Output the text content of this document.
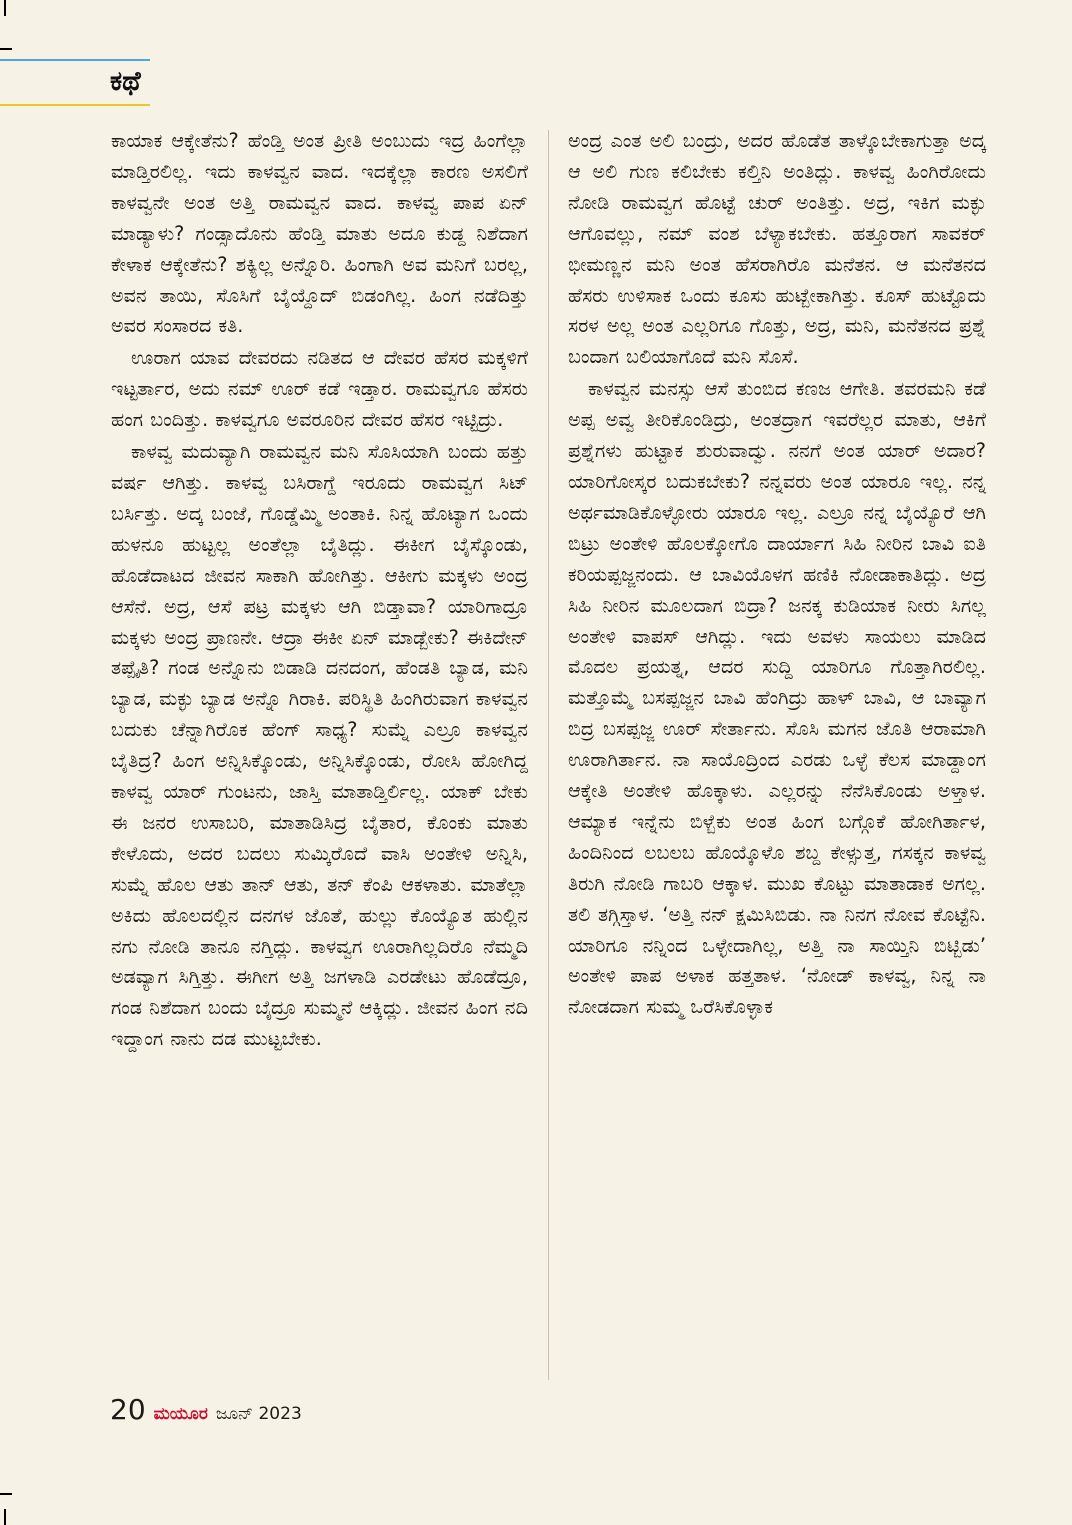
ಕಥೆ

ಕಾಯಾಕ ಆಕ್ಕೇತೆನು? ಹೆಂಡ್ತಿ ಅಂತ ಪ್ರೀತಿ ಅಂಬುದು ಇದ್ರ ಹಿಂಗೆಲ್ಲಾ ಮಾಡ್ತಿರಲಿಲ್ಲ. ಇದು ಕಾಳವ್ವನ ವಾದ. ಇದಕ್ಕೆಲ್ಲಾ ಕಾರಣ ಅಸಲಿಗೆ ಕಾಳವ್ವನೇ ಅಂತ ಅತ್ತಿ ರಾಮವ್ವನ ವಾದ. ಕಾಳವ್ವ ಪಾಪ ಏನ್ ಮಾಡ್ಯಾಳು? ಗಂಡ್ಸಾದೊನು ಹೆಂಡ್ತಿ ಮಾತು ಅದೂ ಕುಡ್ದ ನಿಶೆದಾಗ ಕೇಳಾಕ ಆಕ್ಕೇತೆನು? ಶಕ್ಯಿಲ್ಲ ಅನ್ನೊರಿ. ಹಿಂಗಾಗಿ ಅವ ಮನಿಗೆ ಬರಲ್ಲ, ಅವನ ತಾಯಿ, ಸೊಸಿಗೆ ಬೈಯ್ದೊದ್ ಬಿಡಂಗಿಲ್ಲ. ಹಿಂಗ ನಡೆದಿತ್ತು ಅವರ ಸಂಸಾರದ ಕತಿ.

ಊರಾಗ ಯಾವ ದೇವರದು ನಡಿತದ ಆ ದೇವರ ಹೆಸರ ಮಕ್ಕಳಿಗೆ ಇಟ್ಟರ್ತಾರ, ಅದು ನಮ್ ಊರ್ ಕಡೆ ಇಡ್ತಾರ. ರಾಮವ್ವಗೂ ಹೆಸರು ಹಂಗ ಬಂದಿತ್ತು. ಕಾಳವ್ವಗೂ ಅವರೂರಿನ ದೇವರ ಹೆಸರ ಇಟ್ಟಿದ್ರು.

ಕಾಳವ್ವ ಮದುವ್ಯಾಗಿ ರಾಮವ್ವನ ಮನಿ ಸೊಸಿಯಾಗಿ ಬಂದು ಹತ್ತು ವರ್ಷ ಆಗಿತ್ತು. ಕಾಳವ್ವ ಬಸಿರಾಗ್ದೆ ಇರೂದು ರಾಮವ್ವಗ ಸಿಟ್ ಬರ್ಸಿತ್ತು. ಅದ್ಕ ಬಂಜೆ, ಗೊಡ್ಡೆಮ್ಮಿ ಅಂತಾಕಿ. ನಿನ್ನ ಹೊಟ್ಯಾಗ ಒಂದು ಹುಳನೂ ಹುಟ್ಟಲ್ಲ ಅಂತೆಲ್ಲಾ ಬೈತಿದ್ಲು. ಈಕೀಗ ಬೈಸ್ಕೊಂಡು, ಹೊಡೆದಾಟದ ಜೀವನ ಸಾಕಾಗಿ ಹೋಗಿತ್ತು. ಆಕೀಗು ಮಕ್ಕಳು ಅಂದ್ರ ಆಸೆನೆ. ಅದ್ರ, ಆಸೆ ಪಟ್ರ ಮಕ್ಕಳು ಆಗಿ ಬಿಡ್ತಾವಾ? ಯಾರಿಗಾದ್ರೂ ಮಕ್ಕಳು ಅಂದ್ರ ಪ್ರಾಣನೇ. ಆದ್ರಾ ಈಕೀ ಏನ್ ಮಾಡ್ಬೇಕು? ಈಕಿದೇನ್ ತಪ್ಪೈತಿ? ಗಂಡ ಅನ್ನೊನು ಬಿಡಾಡಿ ದನದಂಗ, ಹೆಂಡತಿ ಬ್ಯಾಡ, ಮನಿ ಬ್ಯಾಡ, ಮಕ್ಳು ಬ್ಯಾಡ ಅನ್ನೊ ಗಿರಾಕಿ. ಪರಿಸ್ಥಿತಿ ಹಿಂಗಿರುವಾಗ ಕಾಳವ್ವನ ಬದುಕು ಚೆನ್ನಾಗಿರೊಕ ಹೆಂಗ್ ಸಾಧ್ಯ? ಸುಮ್ನೆ ಎಲ್ರೂ ಕಾಳವ್ವನ ಬೈತಿದ್ರ? ಹಿಂಗ ಅನ್ನಿಸಿಕ್ಕೊಂಡು, ಅನ್ನಿಸಿಕ್ಕೊಂಡು, ರೋಸಿ ಹೋಗಿದ್ದ ಕಾಳವ್ವ ಯಾರ್ ಗುಂಟನು, ಜಾಸ್ತಿ ಮಾತಾಡ್ತಿರ್ಲಿಲ್ಲ. ಯಾಕ್ ಬೇಕು ಈ ಜನರ ಉಸಾಬರಿ, ಮಾತಾಡಿಸಿದ್ರ ಬೈತಾರ, ಕೊಂಕು ಮಾತು ಕೇಳೊದು, ಅದರ ಬದಲು ಸುಮ್ಕಿರೊದೆ ವಾಸಿ ಅಂತೇಳಿ ಅನ್ನಿಸಿ, ಸುಮ್ನೆ ಹೊಲ ಆತು ತಾನ್ ಆತು, ತನ್ ಕೆಂಪಿ ಆಕಳಾತು. ಮಾತೆಲ್ಲಾ ಅಕಿದು ಹೊಲದಲ್ಲಿನ ದನಗಳ ಜೊತೆ, ಹುಲ್ಲು ಕೊಯ್ಯೊತ ಹುಲ್ಲಿನ ನಗು ನೋಡಿ ತಾನೂ ನಗ್ತಿದ್ಲು. ಕಾಳವ್ವಗ ಊರಾಗಿಲ್ಲದಿರೊ ನೆಮ್ಮದಿ ಅಡವ್ಯಾಗ ಸಿಗ್ತಿತ್ತು. ಈಗೀಗ ಅತ್ತಿ ಜಗಳಾಡಿ ಎರಡೇಟು ಹೊಡೆದ್ರೂ, ಗಂಡ ನಿಶೆದಾಗ ಬಂದು ಬೈದ್ರೂ ಸುಮ್ಮನೆ ಆಕ್ಕಿದ್ಲು. ಜೀವನ ಹಿಂಗ ನದಿ ಇದ್ದಾಂಗ ನಾನು ದಡ ಮುಟ್ಟಬೇಕು.

ಅಂದ್ರ ಎಂತ ಅಲಿ ಬಂದ್ರು, ಅದರ ಹೊಡೆತ ತಾಳ್ಕೊಬೇಕಾಗುತ್ತಾ ಅದ್ಕ ಆ ಅಲಿ ಗುಣ ಕಲಿಬೇಕು ಕಲ್ತಿನಿ ಅಂತಿದ್ಲು. ಕಾಳವ್ವ ಹಿಂಗಿರೋದು ನೋಡಿ ರಾಮವ್ವಗ ಹೊಟ್ಟೆ ಚುರ್ ಅಂತಿತ್ತು. ಅದ್ರ, ಇಕಿಗ ಮಕ್ಳು ಆಗೊವಲ್ಲು, ನಮ್ ವಂಶ ಬೆಳ್ಯಾಕಬೇಕು. ಹತ್ತೂರಾಗ ಸಾವಕರ್ ಭೀಮಣ್ಣನ ಮನಿ ಅಂತ ಹೆಸರಾಗಿರೊ ಮನೆತನ. ಆ ಮನೆತನದ ಹೆಸರು ಉಳಿಸಾಕ ಒಂದು ಕೂಸು ಹುಟ್ಬೇಕಾಗಿತ್ತು. ಕೂಸ್ ಹುಟ್ಟೊದು ಸರಳ ಅಲ್ಲ ಅಂತ ಎಲ್ಲರಿಗೂ ಗೊತ್ತು, ಅದ್ರ, ಮನಿ, ಮನೆತನದ ಪ್ರಶ್ನೆ ಬಂದಾಗ ಬಲಿಯಾಗೊದೆ ಮನಿ ಸೊಸೆ.

ಕಾಳವ್ವನ ಮನಸ್ಸು ಆಸೆ ತುಂಬಿದ ಕಣಜ ಆಗೇತಿ. ತವರಮನಿ ಕಡೆ ಅಪ್ಪ ಅವ್ವ ತೀರಿಕೊಂಡಿದ್ರು, ಅಂತದ್ರಾಗ ಇವರೆಲ್ಲರ ಮಾತು, ಆಕಿಗೆ ಪ್ರಶ್ನೆಗಳು ಹುಟ್ಟಾಕ ಶುರುವಾದ್ವು. ನನಗೆ ಅಂತ ಯಾರ್ ಅದಾರ? ಯಾರಿಗೋಸ್ಕರ ಬದುಕಬೇಕು? ನನ್ನವರು ಅಂತ ಯಾರೂ ಇಲ್ಲ. ನನ್ನ ಅರ್ಥಮಾಡಿಕೊಳ್ಳೋರು ಯಾರೂ ಇಲ್ಲ. ಎಲ್ರೂ ನನ್ನ ಬೈಯ್ಯೊರೆ ಆಗಿ ಬಿಟ್ರು ಅಂತೇಳಿ ಹೊಲಕ್ಕೋಗೊ ದಾರ್ಯಾಗ ಸಿಹಿ ನೀರಿನ ಬಾವಿ ಐತಿ ಕರಿಯಪ್ಪಜ್ಜನಂದು. ಆ ಬಾವಿಯೊಳಗ ಹಣಿಕಿ ನೋಡಾಕಾತಿದ್ಲು. ಅದ್ರ ಸಿಹಿ ನೀರಿನ ಮೂಲದಾಗ ಬಿದ್ರಾ? ಜನಕ್ಕ ಕುಡಿಯಾಕ ನೀರು ಸಿಗಲ್ಲ ಅಂತೇಳಿ ವಾಪಸ್ ಆಗಿದ್ಲು. ಇದು ಅವಳು ಸಾಯಲು ಮಾಡಿದ ಮೊದಲ ಪ್ರಯತ್ನ, ಆದರ ಸುದ್ದಿ ಯಾರಿಗೂ ಗೊತ್ತಾಗಿರಲಿಲ್ಲ. ಮತ್ತೊಮ್ಮೆ ಬಸಪ್ಪಜ್ಜನ ಬಾವಿ ಹೆಂಗಿದ್ರು ಹಾಳ್ ಬಾವಿ, ಆ ಬಾವ್ಯಾಗ ಬಿದ್ರ ಬಸಪ್ಪಜ್ಜ ಊರ್ ಸೇರ್ತಾನು. ಸೊಸಿ ಮಗನ ಜೊತಿ ಆರಾಮಾಗಿ ಊರಾಗಿರ್ತಾನ. ನಾ ಸಾಯೊದ್ರಿಂದ ಎರಡು ಒಳ್ಳೆ ಕೆಲಸ ಮಾಡ್ದಾಂಗ ಆಕ್ಕೇತಿ ಅಂತೇಳಿ ಹೊಕ್ಕಾಳು. ಎಲ್ಲರನ್ನು ನೆನೆಸಿಕೊಂಡು ಅಳ್ತಾಳ. ಆಮ್ಯಾಕ ಇನ್ನೆನು ಬಿಳ್ಬೆಕು ಅಂತ ಹಿಂಗ ಬಗ್ಗೊಕೆ ಹೋಗಿರ್ತಾಳ, ಹಿಂದಿನಿಂದ ಲಬಲಬ ಹೊಯ್ಕೊಳೊ ಶಬ್ದ ಕೇಳ್ಸುತ್ತ, ಗಸಕ್ಕನ ಕಾಳವ್ವ ತಿರುಗಿ ನೋಡಿ ಗಾಬರಿ ಆಕ್ಕಾಳ. ಮುಖ ಕೊಟ್ಟು ಮಾತಾಡಾಕ ಅಗಲ್ಲ. ತಲಿ ತಗ್ಗಿಸ್ತಾಳ. ‘ಅತ್ತಿ ನನ್ ಕ್ಷಮಿಸಿಬಿಡು. ನಾ ನಿನಗ ನೋವ ಕೊಟ್ಟೆನಿ. ಯಾರಿಗೂ ನನ್ನಿಂದ ಒಳ್ಳೇದಾಗಿಲ್ಲ, ಅತ್ತಿ ನಾ ಸಾಯ್ತಿನಿ ಬಿಟ್ಬಿಡು’ ಅಂತೇಳಿ ಪಾಪ ಅಳಾಕ ಹತ್ತತಾಳ. ‘ನೋಡ್ ಕಾಳವ್ವ, ನಿನ್ನ ನಾ ನೋಡದಾಗ ಸುಮ್ಮ ಒರೆಸಿಕೊಳ್ಳಾಕ

20 ಮಯೂರ ಜೂನ್ 2023
